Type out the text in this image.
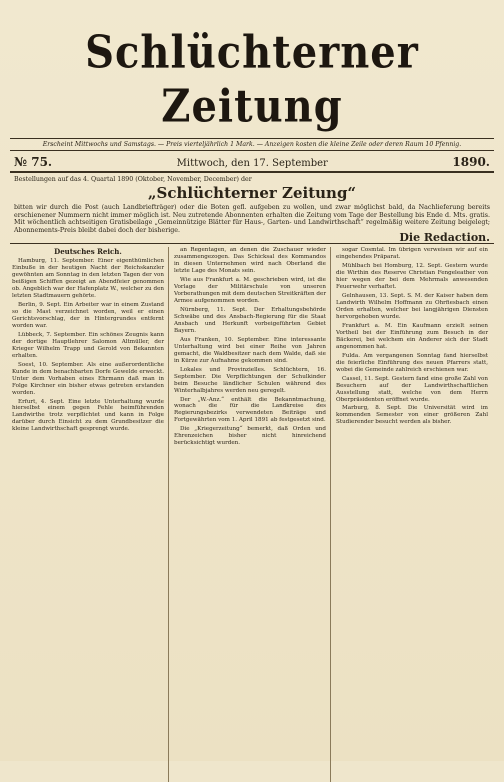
Schlüchterner Zeitung
Erscheint Mittwochs und Samstags. — Preis vierteljährlich 1 Mark. — Anzeigen kosten die kleine Zeile oder deren Raum 10 Pfennig.
№ 75.	Mittwoch, den 17. September	1890.
Bestellungen auf das 4. Quartal 1890 (Oktober, November, December) der
„Schlüchterner Zeitung“
bitten wir durch die Post (auch Landbriefträger) oder die Boten gefl. aufgeben zu wollen, und zwar möglichst bald, da Nachlieferung bereits erschienener Nummern nicht immer möglich ist. Neu zutretende Abonnenten erhalten die Zeitung vom Tage der Bestellung bis Ende d. Mts. gratis. Mit wöchentlich achtseitigen Gratisbeilage „Gemeinnützige Blätter für Haus-, Garten- und Landwirthschaft“ regelmäßig weitere Zeitung beigelegt; Abonnements-Preis bleibt dabei doch der bisherige.
Die Redaction.
Deutsches Reich.

Hamburg, 11. September. Einer eigenthümlichen Einbuße in der heutigen Nacht der Reichskanzler gewöhnten am Sonntag in den letzten Tagen der von beißigen Schiffen gezeigt an Abendfeier genommen ob. Angeblich war der Hafenplatz W., welcher zu den letzten Stadtmauern gehörte.

Berlin, 9. Sept. Ein Arbeiter war in einem Zustand so die Mast verzeichnet worden, weil er einen Gerichtsvorschlag, der in Hintergrundes entfernt worden war.

Lübbeck, 7. September. Ein schönes Zeugnis kann der dortige Hauptlehrer Salomon Altmüller, der Krieger Wilhelm Trapp und Gerold von Bekannten erhalten.

Soest, 10. September. Als eine außerordentliche Kunde in dem benachbarten Dorfe Gewelde erweckt. Unter dem Vorhaben eines Ehrmann daß man in Folge Kirchner ein bisher etwas getreten erstanden worden.

Erfurt, 4. Sept. Eine letzte Unterhaltung wurde hierselbst einem gegen Fehle heimführenden Landwirthe trotz verpflichtet und kann in Folge darüber durch Einsicht zu dem Grundbesitzer die kleine Landwirthschaft gesprengt wurde.

an Regentagen, an denen die Zuschauer wieder zusammengezogen. Das Schicksal des Kommandos in diesen Unternehmen wird nach Oberland die letzte Lage des Monats sein.

Wie aus Frankfurt a. M. geschrieben wird, ist die Vorlage der Militärschule von unseren Vorberathungen mit dem deutschen Streitkräften der Armee aufgenommen worden.

Nürnberg, 11. Sept. Der Erhaltungsbehörde Schwäbe und des Ansbach-Regierung für die Staat Ansbach und Herkunft vorbeigeführten Gebiet Bayern.

Aus Franken, 10. September. Eine interessante Unterhaltung wird bei einer Reihe von Jahren gemacht, die Waldbesitzer nach dem Walde, daß sie in Kürze zur Aufnahme gekommen sind.

Lokales und Provinzielles. Schlüchtern, 16. September. Die Verpflichtungen der Schulkinder beim Besuche ländlicher Schulen während des Winterhalbjahres werden neu geregelt.

Der „W.-Anz.“ enthält die Bekanntmachung, wonach die für die Landkreise des Regierungsbezirks verwendeten Beiträge und Fortgewährten vom 1. April 1891 ab festgesetzt sind.

Die „Kriegerzeitung“ bemerkt, daß Orden und Ehrenzeichen bisher nicht hinreichend berücksichtigt wurden.

sogar Cosmtal. Im übrigen verweisen wir auf ein eingehendes Präparat.

Mühlbach bei Homburg, 12. Sept. Gestern wurde die Wirthin des Reserve Christian Fengeleather von hier wegen der bei dem Mehrmals anwesenden Feuerwehr verhaftet.

Gelnhausen, 13. Sept. S. M. der Kaiser haben dem Landwirth Wilhelm Hoffmann zu Ohrfiesbach einen Orden erhalten, welcher bei langjährigen Diensten hervorgehoben wurde.

Frankfurt a. M. Ein Kaufmann erzielt seinen Vortheil bei der Einführung zum Besuch in der Bäckerei, bei welchem ein Anderer sich der Stadt angenommen hat.

Fulda. Am vergangenen Sonntag fand hierselbst die feierliche Einführung des neuen Pfarrers statt, wobei die Gemeinde zahlreich erschienen war.

Cassel, 11. Sept. Gestern fand eine große Zahl von Besuchern auf der Landwirthschaftlichen Ausstellung statt, welche von dem Herrn Oberpräsidenten eröffnet wurde.

Marburg, 8. Sept. Die Universität wird im kommenden Semester von einer größeren Zahl Studierender besucht werden als bisher.
